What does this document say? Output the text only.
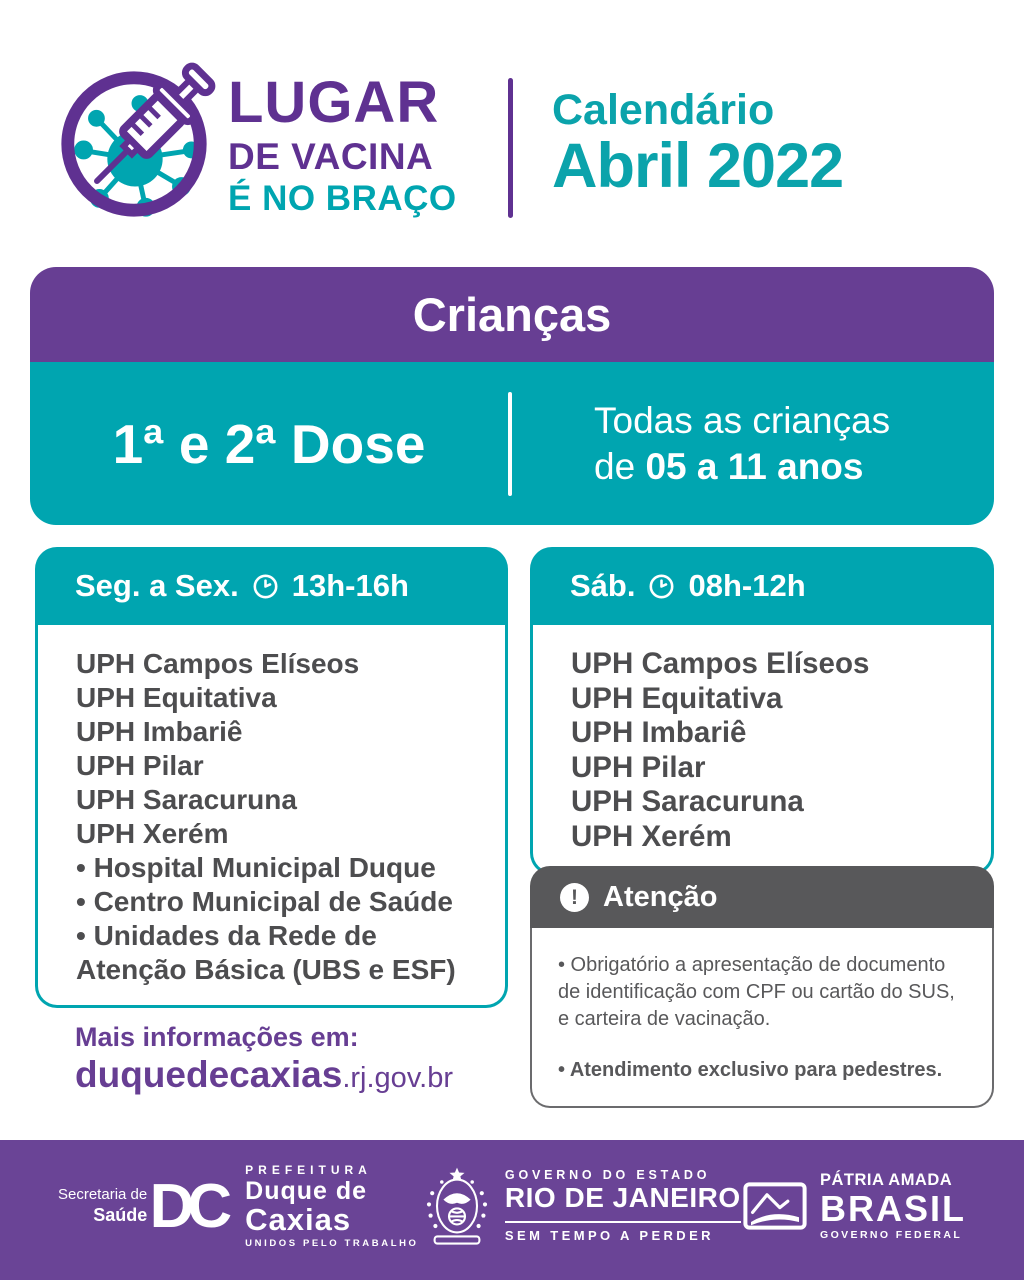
LUGAR
DE VACINA
É NO BRAÇO
Calendário
Abril 2022
Crianças
1ª e 2ª Dose	Todas as crianças
de 05 a 11 anos
Seg. a Sex. 13h-16h
UPH Campos Elíseos
UPH Equitativa
UPH Imbariê
UPH Pilar
UPH Saracuruna
UPH Xerém
• Hospital Municipal Duque
• Centro Municipal de Saúde
• Unidades da Rede de Atenção Básica (UBS e ESF)
Sáb. 08h-12h
UPH Campos Elíseos
UPH Equitativa
UPH Imbariê
UPH Pilar
UPH Saracuruna
UPH Xerém
! Atenção
• Obrigatório a apresentação de documento de identificação com CPF ou cartão do SUS, e carteira de vacinação.
• Atendimento exclusivo para pedestres.
Mais informações em:
duquedecaxias.rj.gov.br
Secretaria de
Saúde DC
PREFEITURA
Duque de
Caxias
UNIDOS PELO TRABALHO
GOVERNO DO ESTADO
RIO DE JANEIRO
SEM TEMPO A PERDER
PÁTRIA AMADA
BRASIL
GOVERNO FEDERAL
